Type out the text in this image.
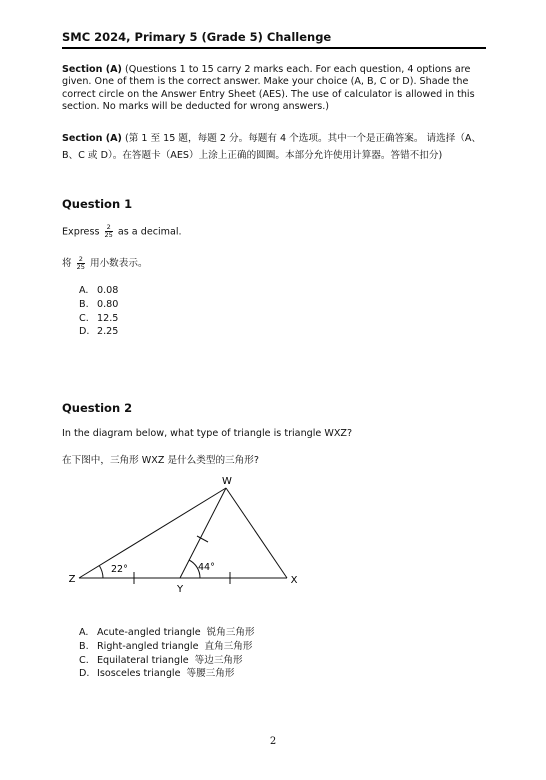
SMC 2024, Primary 5 (Grade 5) Challenge
Section (A) (Questions 1 to 15 carry 2 marks each. For each question, 4 options are given. One of them is the correct answer. Make your choice (A, B, C or D). Shade the correct circle on the Answer Entry Sheet (AES). The use of calculator is allowed in this section. No marks will be deducted for wrong answers.)
Section (A) (第 1 至 15 题，每题 2 分。每题有 4 个选项。其中一个是正确答案。 请选择（A、B、C 或 D）。在答题卡（AES）上涂上正确的圆圈。本部分允许使用计算器。答错不扣分)
Question 1
Express $\frac{2}{25}$ as a decimal.
将 $\frac{2}{25}$ 用小数表示。
A. 0.08
B. 0.80
C. 12.5
D. 2.25
Question 2
In the diagram below, what type of triangle is triangle WXZ?
在下图中，三角形 WXZ 是什么类型的三角形?
W
Z	X
Y
22°	44°
A. Acute-angled triangle 锐角三角形
B. Right-angled triangle 直角三角形
C. Equilateral triangle 等边三角形
D. Isosceles triangle 等腰三角形
2
